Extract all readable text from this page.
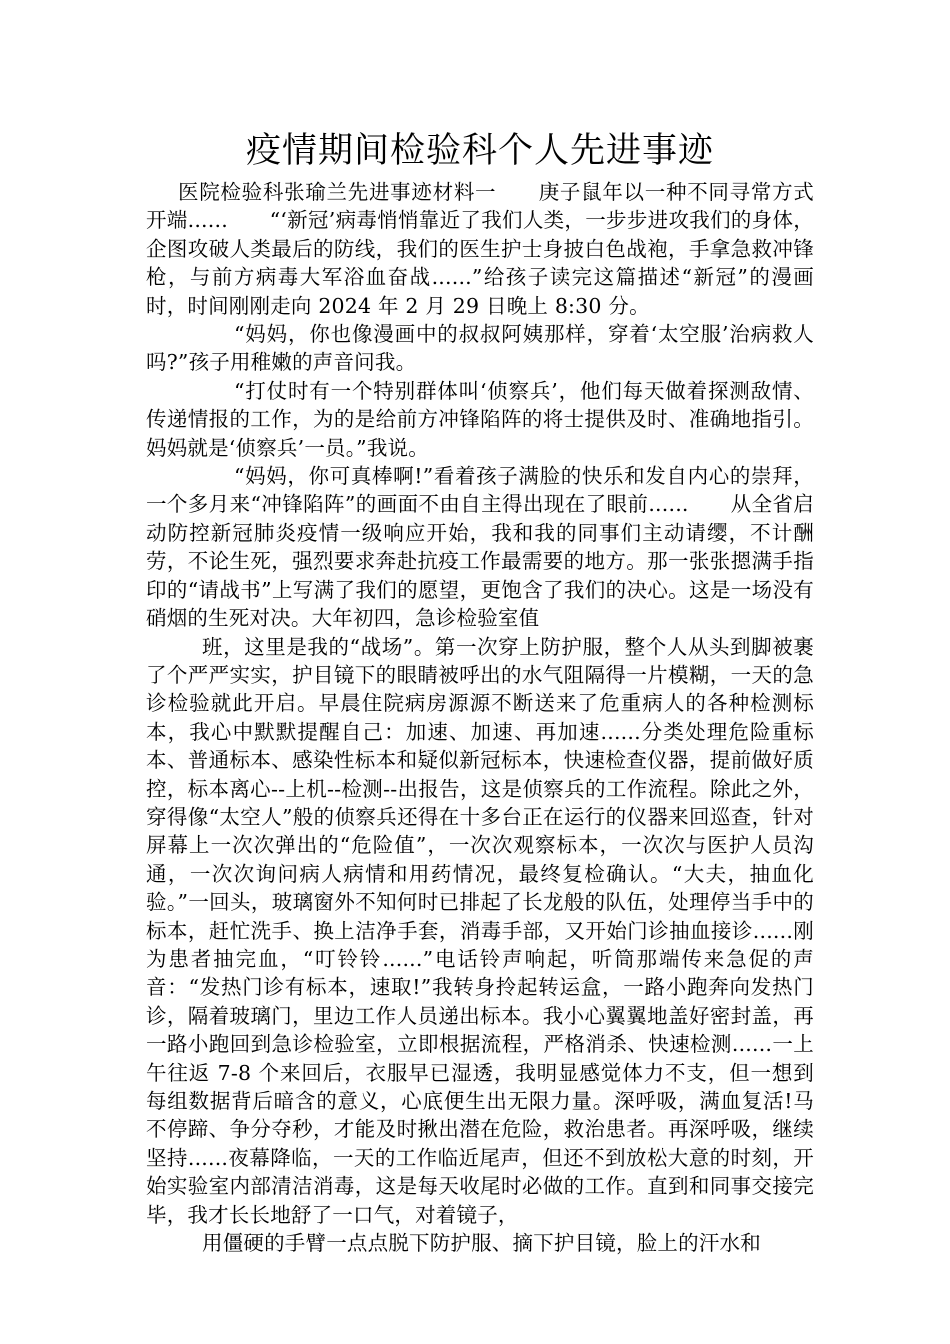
疫情期间检验科个人先进事迹

医院检验科张瑜兰先进事迹材料一　　庚子鼠年以一种不同寻常方式开端......　　“‘新冠’病毒悄悄靠近了我们人类，一步步进攻我们的身体，企图攻破人类最后的防线，我们的医生护士身披白色战袍，手拿急救冲锋枪，与前方病毒大军浴血奋战......”给孩子读完这篇描述“新冠”的漫画时，时间刚刚走向 2024 年 2 月 29 日晚上 8:30 分。

“妈妈，你也像漫画中的叔叔阿姨那样，穿着‘太空服’治病救人吗?”孩子用稚嫩的声音问我。

“打仗时有一个特别群体叫‘侦察兵’，他们每天做着探测敌情、传递情报的工作，为的是给前方冲锋陷阵的将士提供及时、准确地指引。妈妈就是‘侦察兵’一员。”我说。

“妈妈，你可真棒啊!”看着孩子满脸的快乐和发自内心的崇拜，一个多月来“冲锋陷阵”的画面不由自主得出现在了眼前......　　从全省启动防控新冠肺炎疫情一级响应开始，我和我的同事们主动请缨，不计酬劳，不论生死，强烈要求奔赴抗疫工作最需要的地方。那一张张摁满手指印的“请战书”上写满了我们的愿望，更饱含了我们的决心。这是一场没有硝烟的生死对决。大年初四，急诊检验室值

班，这里是我的“战场”。第一次穿上防护服，整个人从头到脚被裹了个严严实实，护目镜下的眼睛被呼出的水气阻隔得一片模糊，一天的急诊检验就此开启。早晨住院病房源源不断送来了危重病人的各种检测标本，我心中默默提醒自己：加速、加速、再加速......分类处理危险重标本、普通标本、感染性标本和疑似新冠标本，快速检查仪器，提前做好质控，标本离心--上机--检测--出报告，这是侦察兵的工作流程。除此之外，穿得像“太空人”般的侦察兵还得在十多台正在运行的仪器来回巡查，针对屏幕上一次次弹出的“危险值”，一次次观察标本，一次次与医护人员沟通，一次次询问病人病情和用药情况，最终复检确认。“大夫，抽血化验。”一回头，玻璃窗外不知何时已排起了长龙般的队伍，处理停当手中的标本，赶忙洗手、换上洁净手套，消毒手部，又开始门诊抽血接诊......刚为患者抽完血，“叮铃铃......”电话铃声响起，听筒那端传来急促的声音：“发热门诊有标本，速取!”我转身拎起转运盒，一路小跑奔向发热门诊，隔着玻璃门，里边工作人员递出标本。我小心翼翼地盖好密封盖，再一路小跑回到急诊检验室，立即根据流程，严格消杀、快速检测......一上午往返 7-8 个来回后，衣服早已湿透，我明显感觉体力不支，但一想到每组数据背后暗含的意义，心底便生出无限力量。深呼吸，满血复活!马不停蹄、争分夺秒，才能及时揪出潜在危险，救治患者。再深呼吸，继续坚持......夜幕降临，一天的工作临近尾声，但还不到放松大意的时刻，开始实验室内部清洁消毒，这是每天收尾时必做的工作。直到和同事交接完毕，我才长长地舒了一口气，对着镜子，

用僵硬的手臂一点点脱下防护服、摘下护目镜，脸上的汗水和
